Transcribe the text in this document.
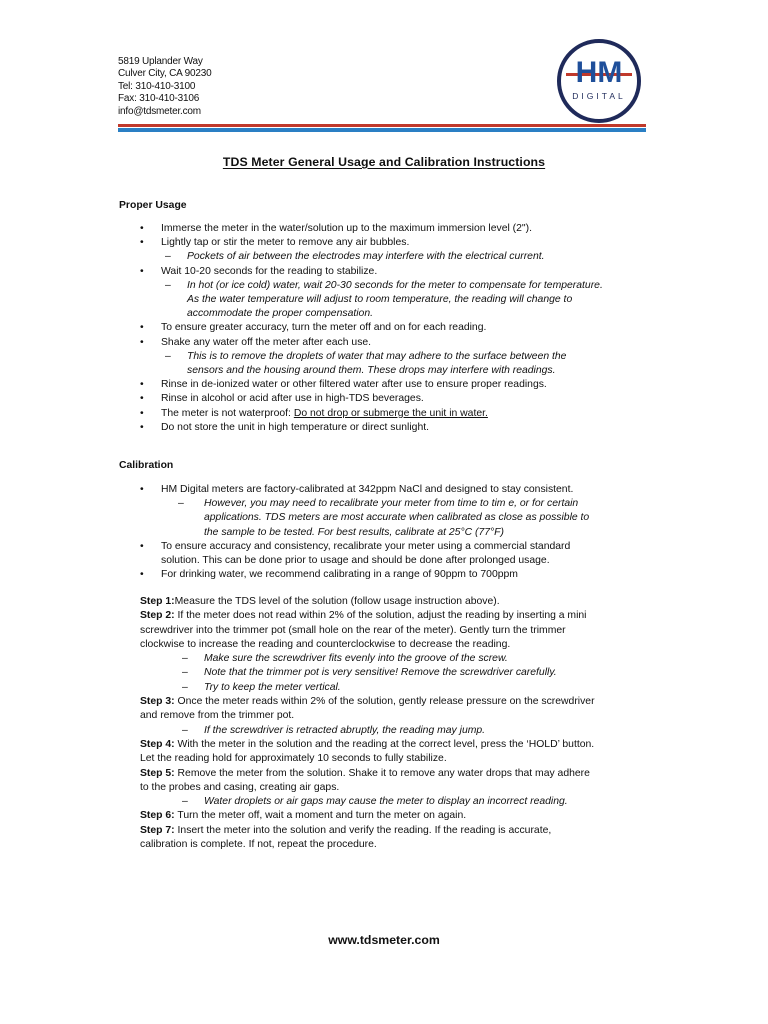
5819 Uplander Way
Culver City, CA 90230
Tel: 310-410-3100
Fax: 310-410-3106
info@tdsmeter.com
HM
DIGITAL
TDS Meter General Usage and Calibration Instructions
Proper Usage
• Immerse the meter in the water/solution up to the maximum immersion level (2").
• Lightly tap or stir the meter to remove any air bubbles.
– Pockets of air between the electrodes may interfere with the electrical current.
• Wait 10-20 seconds for the reading to stabilize.
– In hot (or ice cold) water, wait 20-30 seconds for the meter to compensate for temperature.
As the water temperature will adjust to room temperature, the reading will change to
accommodate the proper compensation.
• To ensure greater accuracy, turn the meter off and on for each reading.
• Shake any water off the meter after each use.
– This is to remove the droplets of water that may adhere to the surface between the
sensors and the housing around them. These drops may interfere with readings.
• Rinse in de-ionized water or other filtered water after use to ensure proper readings.
• Rinse in alcohol or acid after use in high-TDS beverages.
• The meter is not waterproof: Do not drop or submerge the unit in water.
• Do not store the unit in high temperature or direct sunlight.
Calibration
• HM Digital meters are factory-calibrated at 342ppm NaCl and designed to stay consistent.
– However, you may need to recalibrate your meter from time to tim e, or for certain
applications. TDS meters are most accurate when calibrated as close as possible to
the sample to be tested. For best results, calibrate at 25°C (77°F)
• To ensure accuracy and consistency, recalibrate your meter using a commercial standard
solution. This can be done prior to usage and should be done after prolonged usage.
• For drinking water, we recommend calibrating in a range of 90ppm to 700ppm
Step 1:Measure the TDS level of the solution (follow usage instruction above).
Step 2: If the meter does not read within 2% of the solution, adjust the reading by inserting a mini
screwdriver into the trimmer pot (small hole on the rear of the meter). Gently turn the trimmer
clockwise to increase the reading and counterclockwise to decrease the reading.
– Make sure the screwdriver fits evenly into the groove of the screw.
– Note that the trimmer pot is very sensitive! Remove the screwdriver carefully.
– Try to keep the meter vertical.
Step 3: Once the meter reads within 2% of the solution, gently release pressure on the screwdriver
and remove from the trimmer pot.
– If the screwdriver is retracted abruptly, the reading may jump.
Step 4: With the meter in the solution and the reading at the correct level, press the ‘HOLD’ button.
Let the reading hold for approximately 10 seconds to fully stabilize.
Step 5: Remove the meter from the solution. Shake it to remove any water drops that may adhere
to the probes and casing, creating air gaps.
– Water droplets or air gaps may cause the meter to display an incorrect reading.
Step 6: Turn the meter off, wait a moment and turn the meter on again.
Step 7: Insert the meter into the solution and verify the reading. If the reading is accurate,
calibration is complete. If not, repeat the procedure.
www.tdsmeter.com
